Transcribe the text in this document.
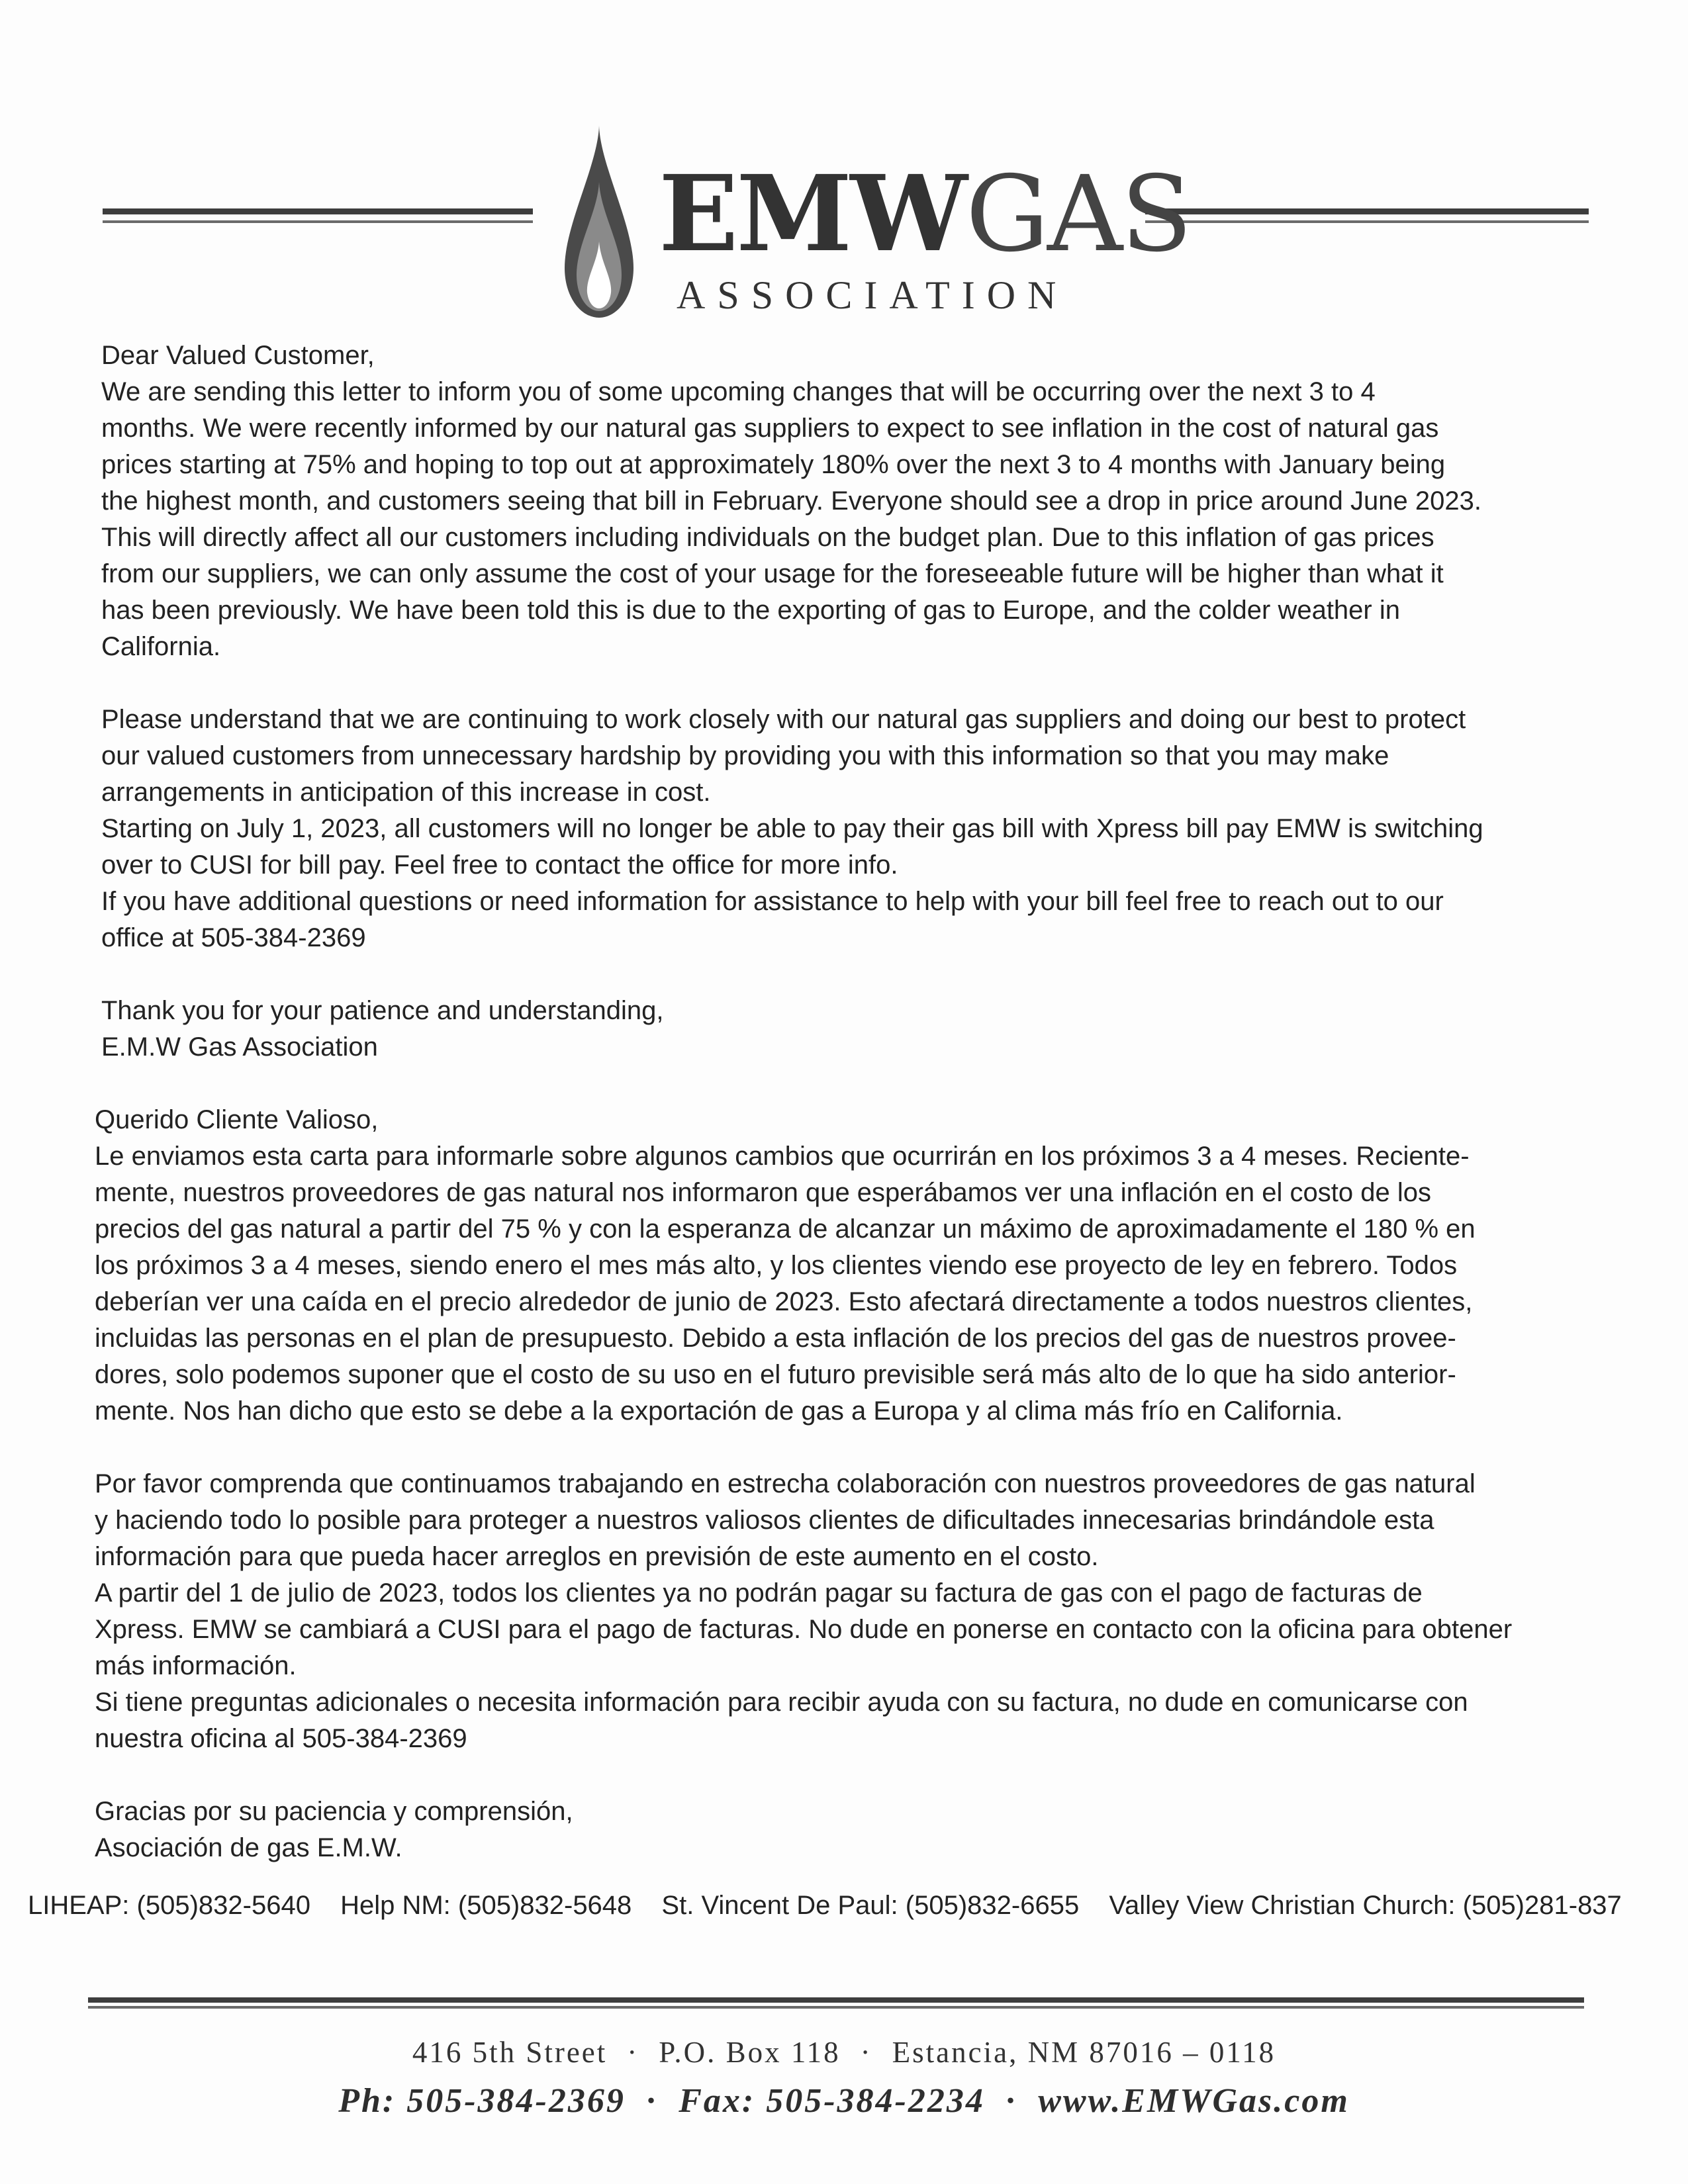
EMWGAS
ASSOCIATION
Dear Valued Customer,

We are sending this letter to inform you of some upcoming changes that will be occurring over the next 3 to 4
months. We were recently informed by our natural gas suppliers to expect to see inflation in the cost of natural gas
prices starting at 75% and hoping to top out at approximately 180% over the next 3 to 4 months with January being
the highest month, and customers seeing that bill in February. Everyone should see a drop in price around June 2023.
This will directly affect all our customers including individuals on the budget plan. Due to this inflation of gas prices
from our suppliers, we can only assume the cost of your usage for the foreseeable future will be higher than what it
has been previously. We have been told this is due to the exporting of gas to Europe, and the colder weather in
California.

Please understand that we are continuing to work closely with our natural gas suppliers and doing our best to protect
our valued customers from unnecessary hardship by providing you with this information so that you may make
arrangements in anticipation of this increase in cost.
Starting on July 1, 2023, all customers will no longer be able to pay their gas bill with Xpress bill pay EMW is switching
over to CUSI for bill pay. Feel free to contact the office for more info.
If you have additional questions or need information for assistance to help with your bill feel free to reach out to our
office at 505-384-2369

Thank you for your patience and understanding,
E.M.W Gas Association
Querido Cliente Valioso,

Le enviamos esta carta para informarle sobre algunos cambios que ocurrirán en los próximos 3 a 4 meses. Reciente-
mente, nuestros proveedores de gas natural nos informaron que esperábamos ver una inflación en el costo de los
precios del gas natural a partir del 75 % y con la esperanza de alcanzar un máximo de aproximadamente el 180 % en
los próximos 3 a 4 meses, siendo enero el mes más alto, y los clientes viendo ese proyecto de ley en febrero. Todos
deberían ver una caída en el precio alrededor de junio de 2023. Esto afectará directamente a todos nuestros clientes,
incluidas las personas en el plan de presupuesto. Debido a esta inflación de los precios del gas de nuestros provee-
dores, solo podemos suponer que el costo de su uso en el futuro previsible será más alto de lo que ha sido anterior-
mente. Nos han dicho que esto se debe a la exportación de gas a Europa y al clima más frío en California.

Por favor comprenda que continuamos trabajando en estrecha colaboración con nuestros proveedores de gas natural
y haciendo todo lo posible para proteger a nuestros valiosos clientes de dificultades innecesarias brindándole esta
información para que pueda hacer arreglos en previsión de este aumento en el costo.
A partir del 1 de julio de 2023, todos los clientes ya no podrán pagar su factura de gas con el pago de facturas de
Xpress. EMW se cambiará a CUSI para el pago de facturas. No dude en ponerse en contacto con la oficina para obtener
más información.
Si tiene preguntas adicionales o necesita información para recibir ayuda con su factura, no dude en comunicarse con
nuestra oficina al 505-384-2369

Gracias por su paciencia y comprensión,
Asociación de gas E.M.W.
LIHEAP: (505)832-5640 Help NM: (505)832-5648 St. Vincent De Paul: (505)832-6655 Valley View Christian Church: (505)281-837
416 5th Street · P.O. Box 118 · Estancia, NM 87016 – 0118
Ph: 505-384-2369 · Fax: 505-384-2234 · www.EMWGas.com
